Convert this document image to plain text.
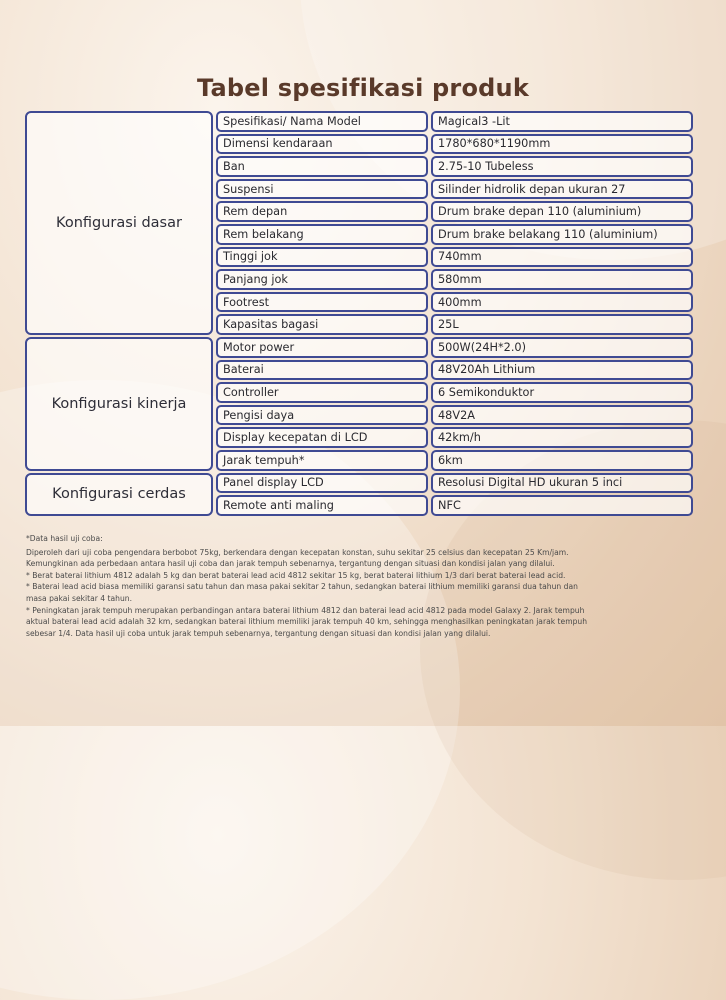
Tabel spesifikasi produk
Konfigurasi dasar
Spesifikasi/ Nama Model	Magical3 -Lit
Dimensi kendaraan	1780*680*1190mm
Ban	2.75-10 Tubeless
Suspensi	Silinder hidrolik depan ukuran 27
Rem depan	Drum brake depan 110 (aluminium)
Rem belakang	Drum brake belakang 110 (aluminium)
Tinggi jok	740mm
Panjang jok	580mm
Footrest	400mm
Kapasitas bagasi	25L
Konfigurasi kinerja
Motor power	500W(24H*2.0)
Baterai	48V20Ah Lithium
Controller	6 Semikonduktor
Pengisi daya	48V2A
Display kecepatan di LCD	42km/h
Jarak tempuh*	6km
Konfigurasi cerdas
Panel display LCD	Resolusi Digital HD ukuran 5 inci
Remote anti maling	NFC
*Data hasil uji coba:
Diperoleh dari uji coba pengendara berbobot 75kg, berkendara dengan kecepatan konstan, suhu sekitar 25 celsius dan kecepatan 25 Km/jam.
Kemungkinan ada perbedaan antara hasil uji coba dan jarak tempuh sebenarnya, tergantung dengan situasi dan kondisi jalan yang dilalui.
* Berat baterai lithium 4812 adalah 5 kg dan berat baterai lead acid 4812 sekitar 15 kg, berat baterai lithium 1/3 dari berat baterai lead acid.
* Baterai lead acid biasa memiliki garansi satu tahun dan masa pakai sekitar 2 tahun, sedangkan baterai lithium memiliki garansi dua tahun dan
masa pakai sekitar 4 tahun.
* Peningkatan jarak tempuh merupakan perbandingan antara baterai lithium 4812 dan baterai lead acid 4812 pada model Galaxy 2. Jarak tempuh
aktual baterai lead acid adalah 32 km, sedangkan baterai lithium memiliki jarak tempuh 40 km, sehingga menghasilkan peningkatan jarak tempuh
sebesar 1/4. Data hasil uji coba untuk jarak tempuh sebenarnya, tergantung dengan situasi dan kondisi jalan yang dilalui.
